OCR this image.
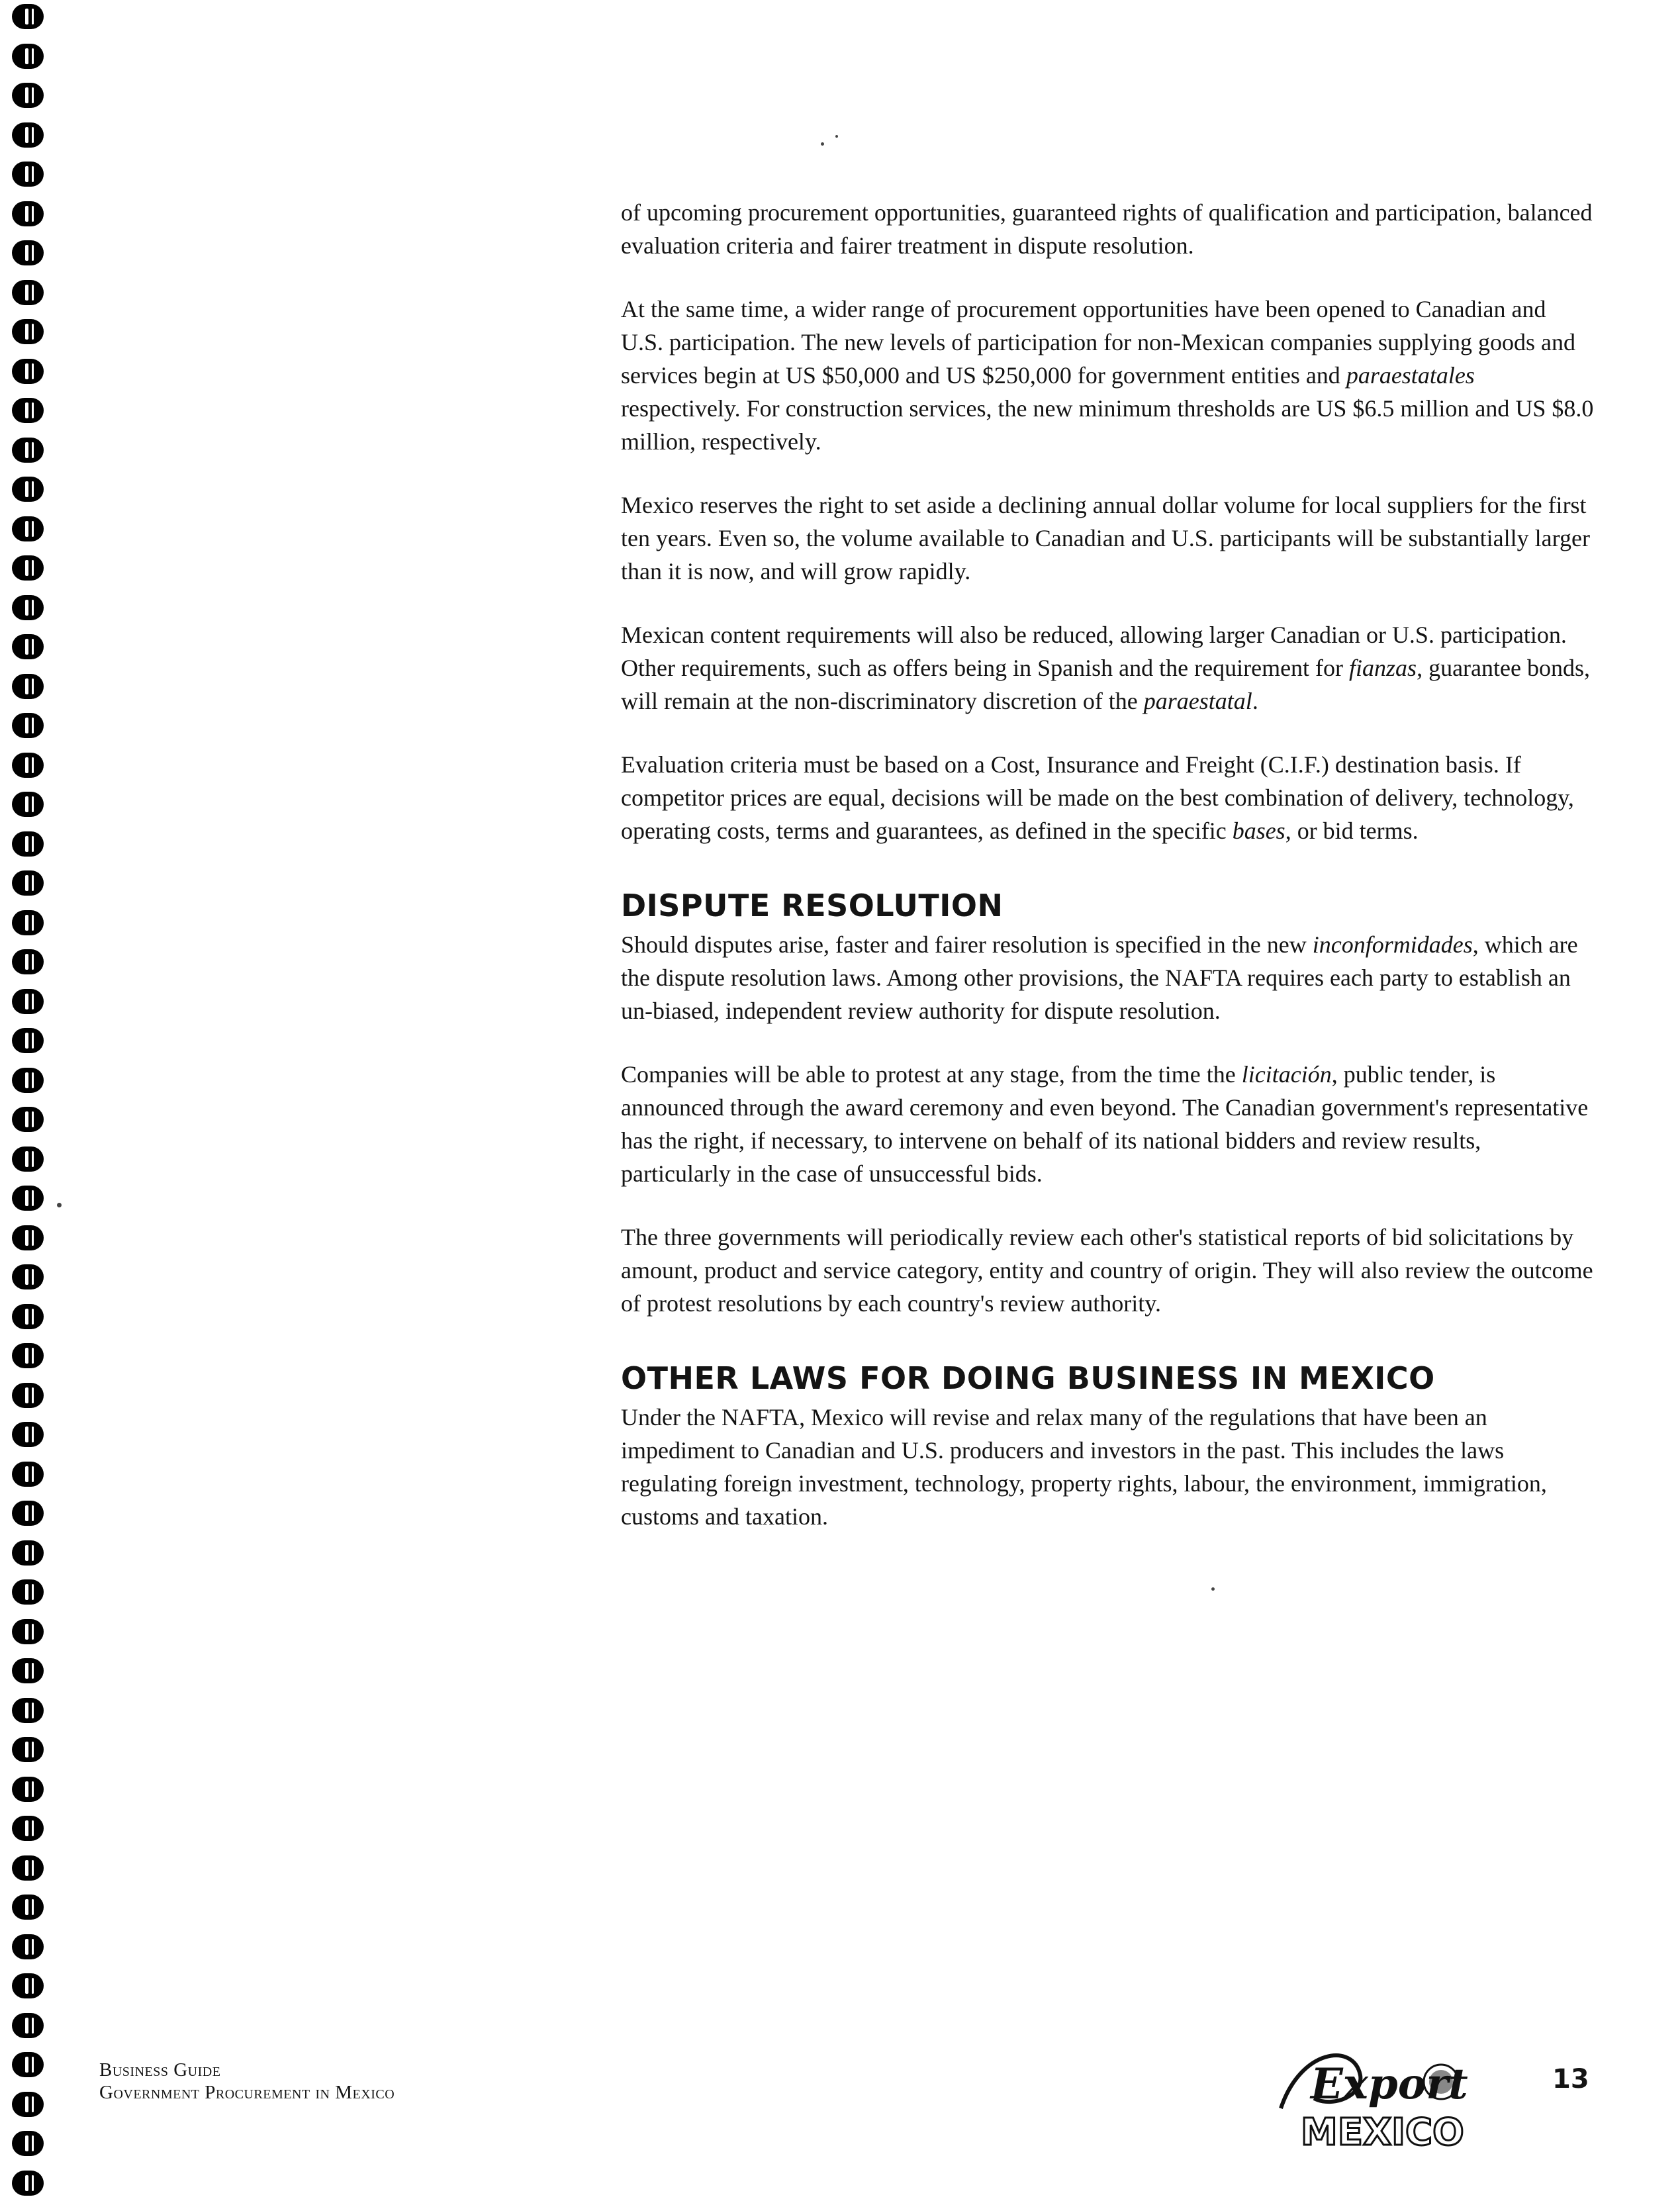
of upcoming procurement opportunities, guaranteed rights of qualification and participation, balanced evaluation criteria and fairer treatment in dispute resolution.

At the same time, a wider range of procurement opportunities have been opened to Canadian and U.S. participation. The new levels of participation for non-Mexican companies supplying goods and services begin at US $50,000 and US $250,000 for government entities and paraestatales respectively. For construction services, the new minimum thresholds are US $6.5 million and US $8.0 million, respectively.

Mexico reserves the right to set aside a declining annual dollar volume for local suppliers for the first ten years. Even so, the volume available to Canadian and U.S. participants will be substantially larger than it is now, and will grow rapidly.

Mexican content requirements will also be reduced, allowing larger Canadian or U.S. participation. Other requirements, such as offers being in Spanish and the requirement for fianzas, guarantee bonds, will remain at the non-discriminatory discretion of the paraestatal.

Evaluation criteria must be based on a Cost, Insurance and Freight (C.I.F.) destination basis. If competitor prices are equal, decisions will be made on the best combination of delivery, technology, operating costs, terms and guarantees, as defined in the specific bases, or bid terms.

DISPUTE RESOLUTION

Should disputes arise, faster and fairer resolution is specified in the new inconformidades, which are the dispute resolution laws. Among other provisions, the NAFTA requires each party to establish an un-biased, independent review authority for dispute resolution.

Companies will be able to protest at any stage, from the time the licitación, public tender, is announced through the award ceremony and even beyond. The Canadian government's representative has the right, if necessary, to intervene on behalf of its national bidders and review results, particularly in the case of unsuccessful bids.

The three governments will periodically review each other's statistical reports of bid solicitations by amount, product and service category, entity and country of origin. They will also review the outcome of protest resolutions by each country's review authority.

OTHER LAWS FOR DOING BUSINESS IN MEXICO

Under the NAFTA, Mexico will revise and relax many of the regulations that have been an impediment to Canadian and U.S. producers and investors in the past. This includes the laws regulating foreign investment, technology, property rights, labour, the environment, immigration, customs and taxation.

Business Guide
Government Procurement in Mexico	Export
MEXICO
13
